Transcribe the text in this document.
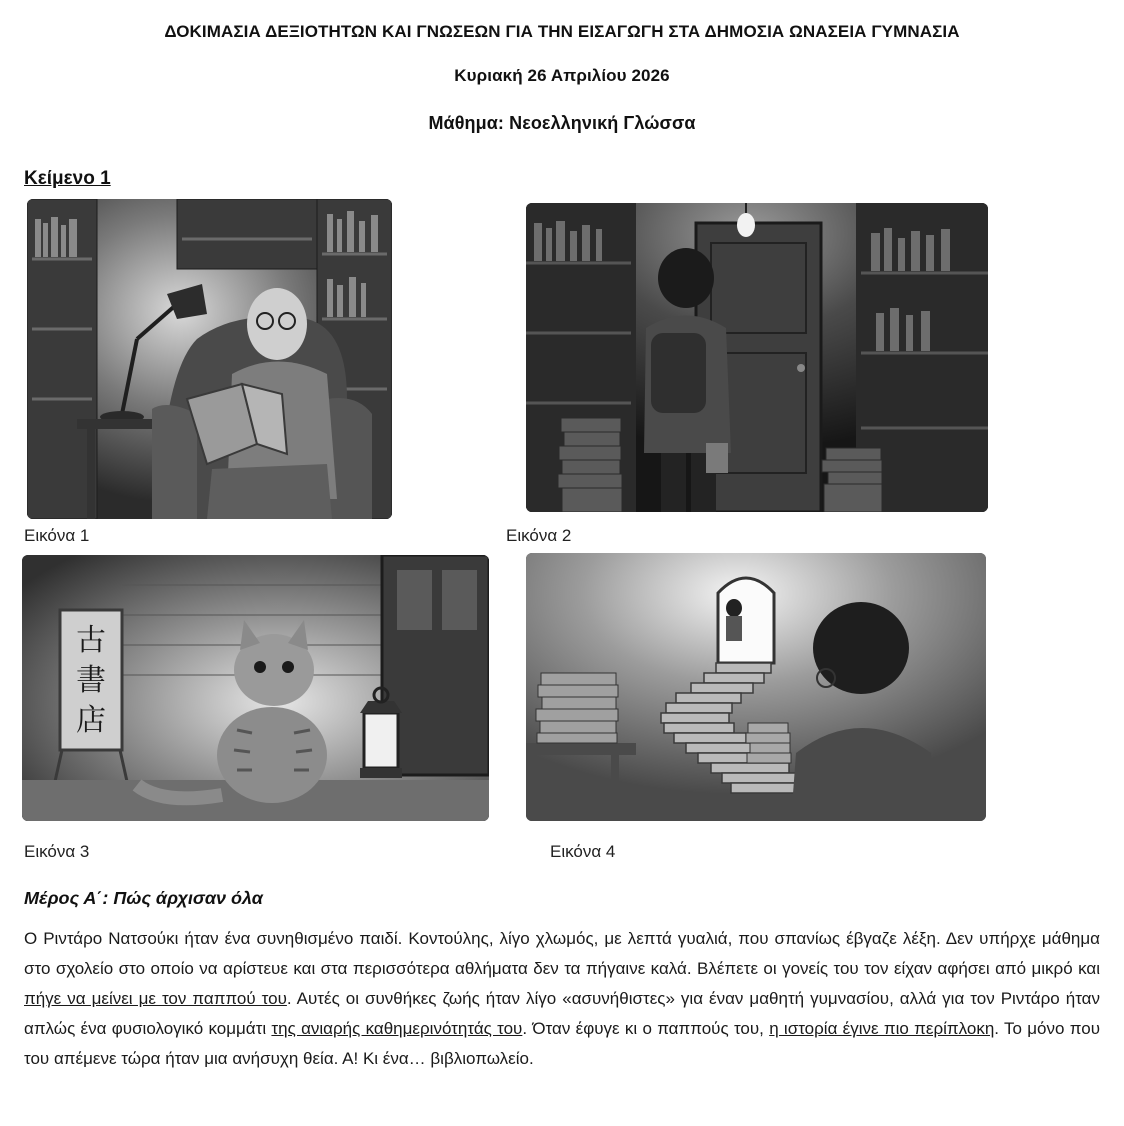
ΔΟΚΙΜΑΣΙΑ ΔΕΞΙΟΤΗΤΩΝ ΚΑΙ ΓΝΩΣΕΩΝ ΓΙΑ ΤΗΝ ΕΙΣΑΓΩΓΗ ΣΤΑ ΔΗΜΟΣΙΑ ΩΝΑΣΕΙΑ ΓΥΜΝΑΣΙΑ
Κυριακή 26 Απριλίου 2026
Μάθημα: Νεοελληνική Γλώσσα
Κείμενο 1
Εικόνα 1	Εικόνα 2
古
書
店
Εικόνα 3	Εικόνα 4
Μέρος Α΄: Πώς άρχισαν όλα
Ο Ριντάρο Νατσούκι ήταν ένα συνηθισμένο παιδί. Κοντούλης, λίγο χλωμός, με λεπτά γυαλιά, που σπανίως έβγαζε λέξη. Δεν υπήρχε μάθημα στο σχολείο στο οποίο να αρίστευε και στα περισσότερα αθλήματα δεν τα πήγαινε καλά. Βλέπετε οι γονείς του τον είχαν αφήσει από μικρό και πήγε να μείνει με τον παππού του. Αυτές οι συνθήκες ζωής ήταν λίγο «ασυνήθιστες» για έναν μαθητή γυμνασίου, αλλά για τον Ριντάρο ήταν απλώς ένα φυσιολογικό κομμάτι της ανιαρής καθημερινότητάς του. Όταν έφυγε κι ο παππούς του, η ιστορία έγινε πιο περίπλοκη. Το μόνο που του απέμενε τώρα ήταν μια ανήσυχη θεία. Α! Κι ένα… βιβλιοπωλείο.
